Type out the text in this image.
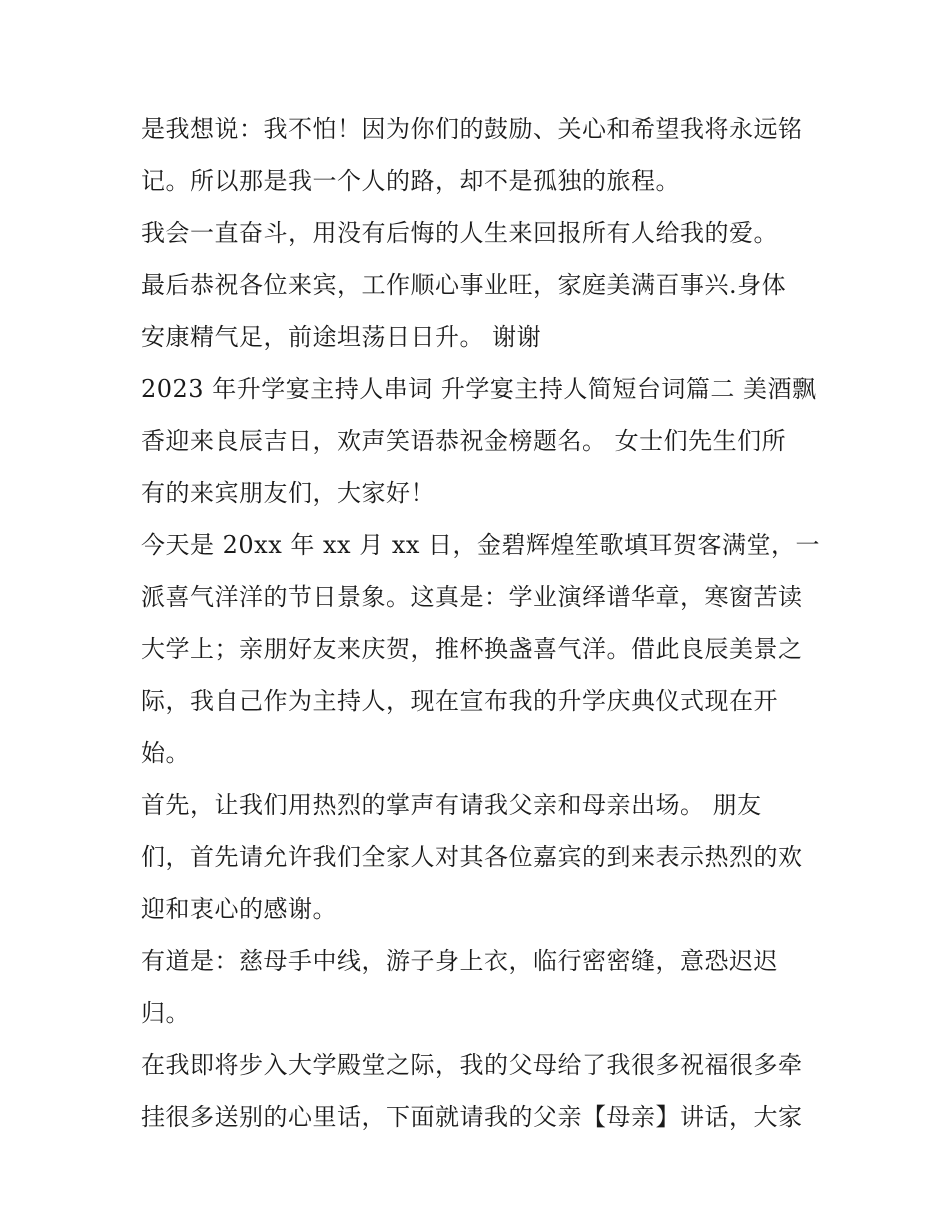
是我想说：我不怕！因为你们的鼓励、关心和希望我将永远铭
记。所以那是我一个人的路，却不是孤独的旅程。
我会一直奋斗，用没有后悔的人生来回报所有人给我的爱。
最后恭祝各位来宾，工作顺心事业旺，家庭美满百事兴.身体
安康精气足，前途坦荡日日升。 谢谢
2023 年升学宴主持人串词 升学宴主持人简短台词篇二 美酒飘
香迎来良辰吉日，欢声笑语恭祝金榜题名。 女士们先生们所
有的来宾朋友们，大家好！
今天是 20xx 年 xx 月 xx 日，金碧辉煌笙歌填耳贺客满堂，一
派喜气洋洋的节日景象。这真是：学业演绎谱华章，寒窗苦读
大学上；亲朋好友来庆贺，推杯换盏喜气洋。借此良辰美景之
际，我自己作为主持人，现在宣布我的升学庆典仪式现在开
始。
首先，让我们用热烈的掌声有请我父亲和母亲出场。 朋友
们，首先请允许我们全家人对其各位嘉宾的到来表示热烈的欢
迎和衷心的感谢。
有道是：慈母手中线，游子身上衣，临行密密缝，意恐迟迟
归。
在我即将步入大学殿堂之际，我的父母给了我很多祝福很多牵
挂很多送别的心里话，下面就请我的父亲【母亲】讲话，大家
